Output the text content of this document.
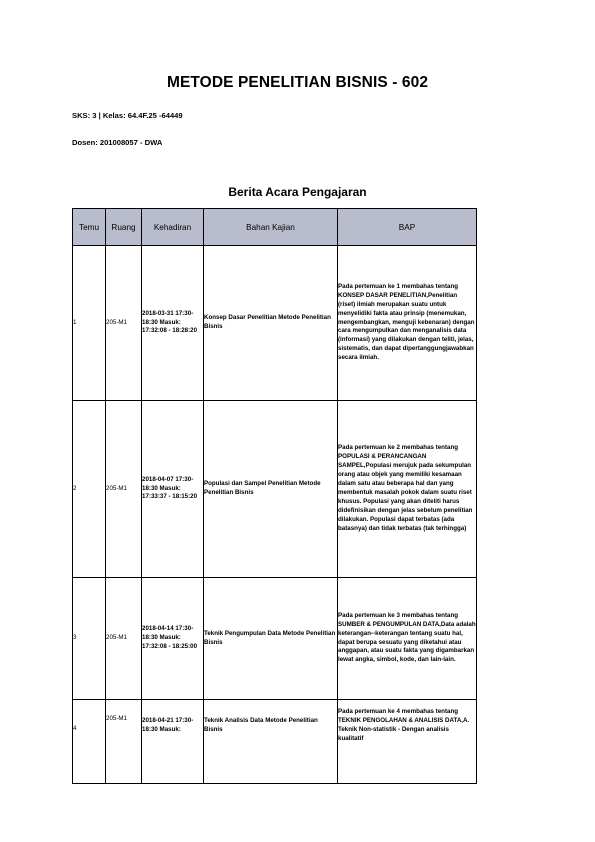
METODE PENELITIAN BISNIS - 602
SKS: 3 | Kelas: 64.4F.25 -64449
Dosen: 201008057 - DWA
Berita Acara Pengajaran
Temu	Ruang	Kehadiran	Bahan Kajian	BAP
1	205-M1	2018-03-31 17:30-18:30 Masuk: 17:32:08 - 18:28:20	Konsep Dasar Penelitian Metode Penelitian Bisnis	Pada pertemuan ke 1 membahas tentang KONSEP DASAR PENELITIAN,Penelitian (riset) ilmiah merupakan suatu untuk menyelidiki fakta atau prinsip (menemukan, mengembangkan, menguji kebenaran) dengan cara mengumpulkan dan menganalisis data (informasi) yang dilakukan dengan teliti, jelas, sistematis, dan dapat dipertanggungjawabkan secara ilmiah.
2	205-M1	2018-04-07 17:30-18:30 Masuk: 17:33:37 - 18:15:20	Populasi dan Sampel Penelitian Metode Penelitian Bisnis	Pada pertemuan ke 2 membahas tentang POPULASI & PERANCANGAN SAMPEL,Populasi merujuk pada sekumpulan orang atau objek yang memiliki kesamaan dalam satu atau beberapa hal dan yang membentuk masalah pokok dalam suatu riset khusus. Populasi yang akan diteliti harus didefinisikan dengan jelas sebelum penelitian dilakukan. Populasi dapat terbatas (ada batasnya) dan tidak terbatas (tak terhingga)
3	205-M1	2018-04-14 17:30-18:30 Masuk: 17:32:08 - 18:25:00	Teknik Pengumpulan Data Metode Penelitian Bisnis	Pada pertemuan ke 3 membahas tentang SUMBER & PENGUMPULAN DATA,Data adalah keterangan--keterangan tentang suatu hal, dapat berupa sesuatu yang diketahui atau anggapan, atau suatu fakta yang digambarkan lewat angka, simbol, kode, dan lain-lain.
4	205-M1	2018-04-21 17:30-18:30 Masuk:	Teknik Analisis Data Metode Penelitian Bisnis	Pada pertemuan ke 4 membahas tentang TEKNIK PENGOLAHAN & ANALISIS DATA,A. Teknik Non-statistik - Dengan analisis kualitatif
